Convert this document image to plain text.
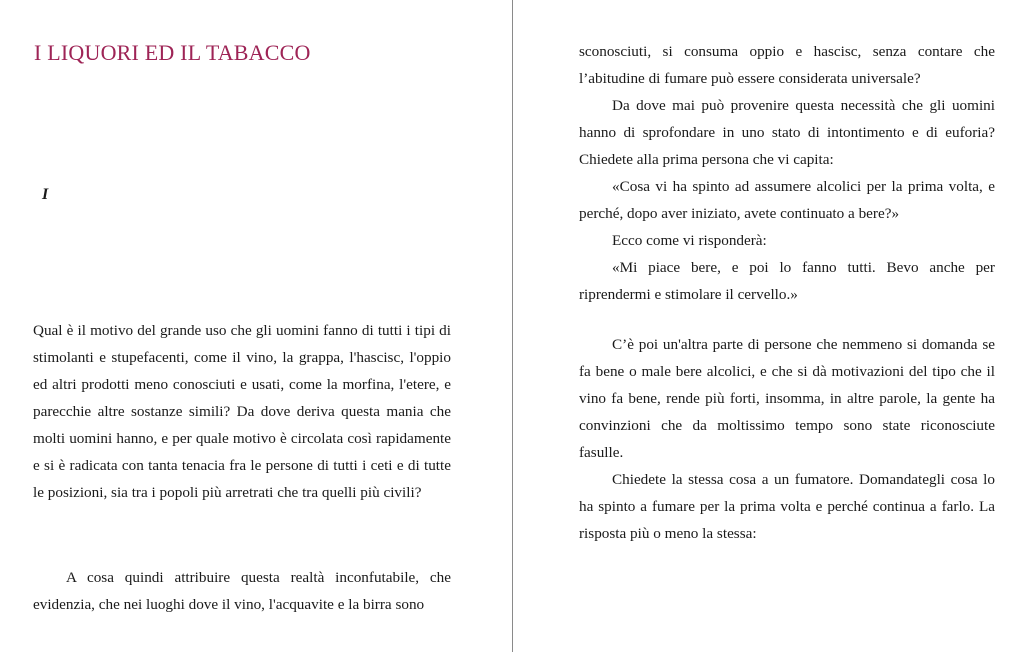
I LIQUORI ED IL TABACCO
I

Qual è il motivo del grande uso che gli uomini fanno di tutti i tipi di stimolanti e stupefacenti, come il vino, la grappa, l'hascisc, l'oppio ed altri prodotti meno conosciuti e usati, come la morfina, l'etere, e parecchie altre sostanze simili? Da dove deriva questa mania che molti uomini hanno, e per quale motivo è circolata così rapidamente e si è radicata con tanta tenacia fra le persone di tutti i ceti e di tutte le posizioni, sia tra i popoli più arretrati che tra quelli più civili?

A cosa quindi attribuire questa realtà inconfutabile, che evidenzia, che nei luoghi dove il vino, l'acquavite e la birra sono

sconosciuti, si consuma oppio e hascisc, senza contare che l’abitudine di fumare può essere considerata universale?

Da dove mai può provenire questa necessità che gli uomini hanno di sprofondare in uno stato di intontimento e di euforia? Chiedete alla prima persona che vi capita:

«Cosa vi ha spinto ad assumere alcolici per la prima volta, e perché, dopo aver iniziato, avete continuato a bere?»

Ecco come vi risponderà:

«Mi piace bere, e poi lo fanno tutti. Bevo anche per riprendermi e stimolare il cervello.»

C’è poi un'altra parte di persone che nemmeno si domanda se fa bene o male bere alcolici, e che si dà motivazioni del tipo che il vino fa bene, rende più forti, insomma, in altre parole, la gente ha convinzioni che da moltissimo tempo sono state riconosciute fasulle.

Chiedete la stessa cosa a un fumatore. Domandategli cosa lo ha spinto a fumare per la prima volta e perché continua a farlo. La risposta più o meno la stessa:
